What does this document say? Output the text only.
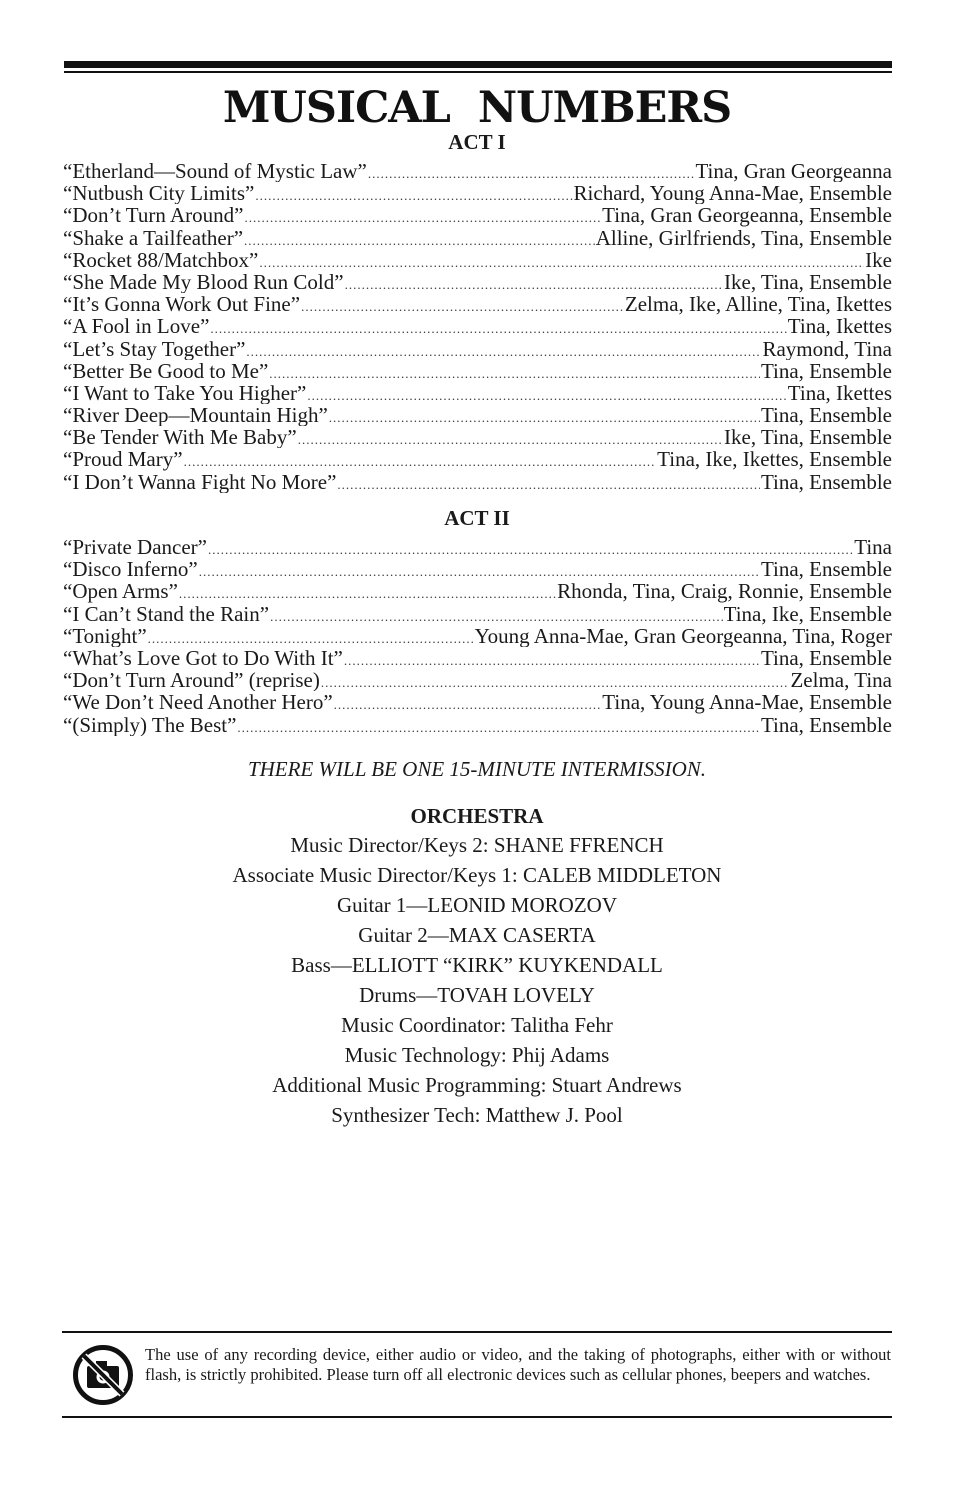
MUSICAL NUMBERS
ACT I
“Etherland—Sound of Mystic Law” .....	Tina, Gran Georgeanna
“Nutbush City Limits” .....	Richard, Young Anna-Mae, Ensemble
“Don’t Turn Around” .....	Tina, Gran Georgeanna, Ensemble
“Shake a Tailfeather” .....	Alline, Girlfriends, Tina, Ensemble
“Rocket 88/Matchbox” .....	Ike
“She Made My Blood Run Cold” .....	Ike, Tina, Ensemble
“It’s Gonna Work Out Fine” .....	Zelma, Ike, Alline, Tina, Ikettes
“A Fool in Love” .....	Tina, Ikettes
“Let’s Stay Together” .....	Raymond, Tina
“Better Be Good to Me” .....	Tina, Ensemble
“I Want to Take You Higher” .....	Tina, Ikettes
“River Deep—Mountain High” .....	Tina, Ensemble
“Be Tender With Me Baby” .....	Ike, Tina, Ensemble
“Proud Mary” .....	Tina, Ike, Ikettes, Ensemble
“I Don’t Wanna Fight No More” .....	Tina, Ensemble
ACT II
“Private Dancer” .....	Tina
“Disco Inferno” .....	Tina, Ensemble
“Open Arms” .....	Rhonda, Tina, Craig, Ronnie, Ensemble
“I Can’t Stand the Rain” .....	Tina, Ike, Ensemble
“Tonight” .....	Young Anna-Mae, Gran Georgeanna, Tina, Roger
“What’s Love Got to Do With It” .....	Tina, Ensemble
“Don’t Turn Around” (reprise) .....	Zelma, Tina
“We Don’t Need Another Hero” .....	Tina, Young Anna-Mae, Ensemble
“(Simply) The Best” .....	Tina, Ensemble
THERE WILL BE ONE 15-MINUTE INTERMISSION.
ORCHESTRA
Music Director/Keys 2: SHANE FFRENCH
Associate Music Director/Keys 1: CALEB MIDDLETON
Guitar 1—LEONID MOROZOV
Guitar 2—MAX CASERTA
Bass—ELLIOTT “KIRK” KUYKENDALL
Drums—TOVAH LOVELY
Music Coordinator: Talitha Fehr
Music Technology: Phij Adams
Additional Music Programming: Stuart Andrews
Synthesizer Tech: Matthew J. Pool
The use of any recording device, either audio or video, and the taking of photographs, either with or without flash, is strictly prohibited. Please turn off all electronic devices such as cellular phones, beepers and watches.
